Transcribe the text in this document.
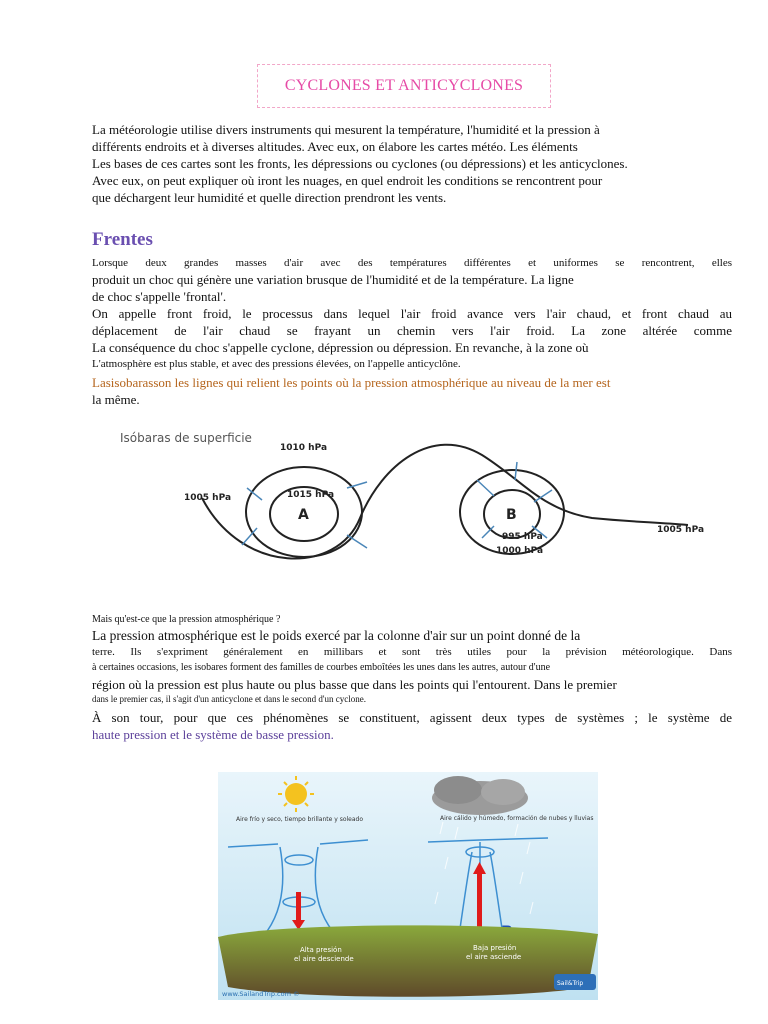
CYCLONES ET ANTICYCLONES

La météorologie utilise divers instruments qui mesurent la température, l'humidité et la pression à

différents endroits et à diverses altitudes. Avec eux, on élabore les cartes météo. Les éléments

Les bases de ces cartes sont les fronts, les dépressions ou cyclones (ou dépressions) et les anticyclones.

Avec eux, on peut expliquer où iront les nuages, en quel endroit les conditions se rencontrent pour

que déchargent leur humidité et quelle direction prendront les vents.

Frentes

Lorsque deux grandes masses d'air avec des températures différentes et uniformes se rencontrent, elles

produit un choc qui génère une variation brusque de l'humidité et de la température. La ligne

de choc s'appelle 'frontal'.

On appelle front froid, le processus dans lequel l'air froid avance vers l'air chaud, et front chaud au

déplacement de l'air chaud se frayant un chemin vers l'air froid. La zone altérée comme

La conséquence du choc s'appelle cyclone, dépression ou dépression. En revanche, à la zone où

L'atmosphère est plus stable, et avec des pressions élevées, on l'appelle anticyclône.

Lasisobarasson les lignes qui relient les points où la pression atmosphérique au niveau de la mer est

la même.

Isóbaras de superficie
A
1010 hPa
1015 hPa
1005 hPa
B
995 hPa
1000 hPa
1005 hPa

Mais qu'est-ce que la pression atmosphérique ?

La pression atmosphérique est le poids exercé par la colonne d'air sur un point donné de la

terre. Ils s'expriment généralement en millibars et sont très utiles pour la prévision météorologique. Dans

à certaines occasions, les isobares forment des familles de courbes emboîtées les unes dans les autres, autour d'une

région où la pression est plus haute ou plus basse que dans les points qui l'entourent. Dans le premier

dans le premier cas, il s'agit d'un anticyclone et dans le second d'un cyclone.

À son tour, pour que ces phénomènes se constituent, agissent deux types de systèmes ; le système de

haute pression et le système de basse pression.

Aire frío y seco, tiempo brillante y soleado	Aire cálido y húmedo, formación de nubes y lluvias
Alta presión
el aire desciende
Baja presión
el aire asciende
www.SailandTrip.com ©
Sail&Trip
